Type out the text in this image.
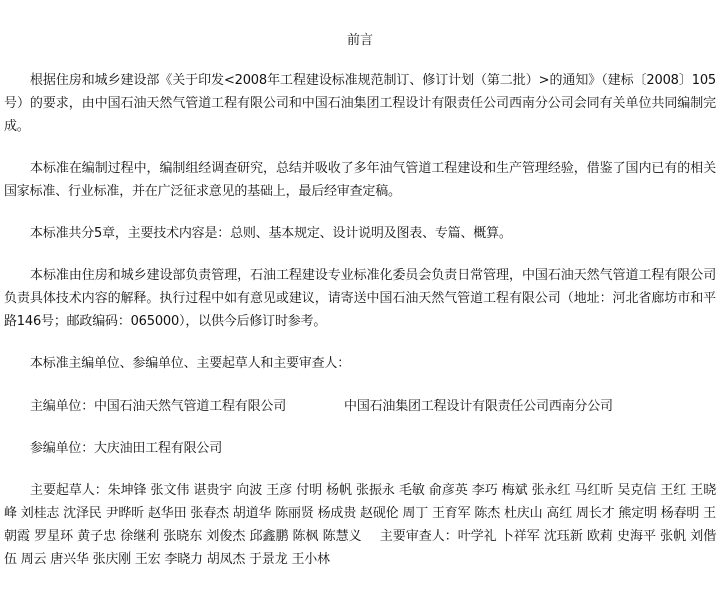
前言

根据住房和城乡建设部《关于印发<2008年工程建设标准规范制订、修订计划（第二批）>的通知》（建标〔2008〕105号）的要求，由中国石油天然气管道工程有限公司和中国石油集团工程设计有限责任公司西南分公司会同有关单位共同编制完成。

本标准在编制过程中，编制组经调查研究，总结并吸收了多年油气管道工程建设和生产管理经验，借鉴了国内已有的相关国家标准、行业标准，并在广泛征求意见的基础上，最后经审查定稿。

本标准共分5章，主要技术内容是：总则、基本规定、设计说明及图表、专篇、概算。

本标准由住房和城乡建设部负责管理，石油工程建设专业标准化委员会负责日常管理，中国石油天然气管道工程有限公司负责具体技术内容的解释。执行过程中如有意见或建议，请寄送中国石油天然气管道工程有限公司（地址：河北省廊坊市和平路146号；邮政编码：065000），以供今后修订时参考。

本标准主编单位、参编单位、主要起草人和主要审查人：

主编单位：中国石油天然气管道工程有限公司	中国石油集团工程设计有限责任公司西南分公司

参编单位：大庆油田工程有限公司

主要起草人：朱坤锋 张文伟 谌贵宇 向波 王彦 付明 杨帆 张振永 毛敏 俞彦英 李巧 梅斌 张永红 马红昕 吴克信 王红 王晓峰 刘桂志 沈泽民 尹晔昕 赵华田 张春杰 胡道华 陈丽贤 杨成贵 赵砚伦 周丁 王育军 陈杰 杜庆山 高红 周长才 熊定明 杨春明 王朝霞 罗星环 黄子忠 徐继利 张晓东 刘俊杰 邱鑫鹏 陈枫 陈慧义 主要审查人：叶学礼 卜祥军 沈珏新 欧莉 史海平 张帆 刘偕伍 周云 唐兴华 张庆刚 王宏 李晓力 胡凤杰 于景龙 王小林
